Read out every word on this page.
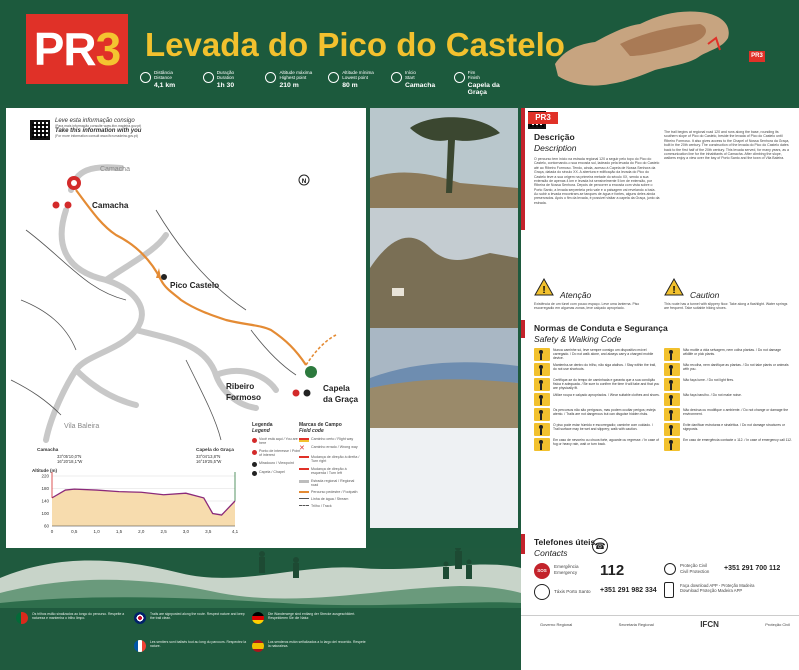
PR3 Levada do Pico do Castelo
Distância
Distance
4,1 km
Duração
Duration
1h 30
Altitude máxima
Highest point
210 m
Altitude mínima
Lowest point
80 m
Início
Start
Camacha
Fim
Finish
Capela da Graça
PR3
Leve esta informação consigo
(Para mais informação consulte www.ifcn.madeira.gov.pt)
Take this information with you
(For more information consult www.ifcn.madeira.gov.pt)
N
Camacha
Camacha
Pico Castelo
Ribeiro
Formoso
Capela
da Graça
Vila Baleira
Camacha
33°05'10,0"N
16°20'18,1"W
Capela do Graça
33°04'13,8"N
16°19'25,5"W
Altitude (m)
220
180
140
100
60
0	0,5	1,0	1,5	2,0	2,5	3,0	3,5	4,1
Legenda
Legend
Você está aqui / You are here
Ponto de interesse / Point of interest
Miradouro / Viewpoint
Capela / Chapel
Marcas de Campo
Field code
Caminho certo / Right way
✕	Caminho errado / Wrong way
Mudança de direção à direita / Turn right
Mudança de direção à esquerda / Turn left
Estrada regional / Regional road
Percurso pedestre / Footpath
Linha de água / Stream
Trilho / Track
PR3
Descrição
Description
O percurso tem início na estrada regional 120 a seguir pelo topo do Pico do Castelo, contornando-o sua encosta sul, ladeado pela levada do Pico do Castelo até ao Ribeiro Formoso. Tendo, ainda, acesso à Capela de Nossa Senhora da Graça, datada do século XX. A abertura e edificação da levada do Pico do Castelo teve a sua origem na primeira metade do século XX, sendo a sua extensão de apenas 4 km e levada há sensivelmente 5 km de extensão, por Ribeira de Nossa Senhora. Depois de percorrer a encosta com vista sobre o Porto Santo, a levada serpenteia pelo vale e a paisagem vai revelando a baía. Ao subir a levada encontram-se tanques de água e fontes, alguns deles ainda preservados. Após o fim da levada, é possível visitar a capela da Graça, junto da estrada.
The trail begins at regional road 120 and runs along the base, rounding its southern slope of Pico do Castelo, beside the levada of Pico do Castelo until Ribeiro Formoso. It also gives access to the Chapel of Nossa Senhora da Graça, built in the 20th century. The construction of the levada do Pico do Castelo dates back to the first half of the 20th century. This levada served, for many years, as a communication line for the inhabitants of Camacha. After climbing the slope, walkers enjoy a view over the bay of Porto Santo and the town of Vila Baleira.
! Atenção
Existência de um túnel com pouco espaço. Leve uma lanterna. Piso escorregadio em algumas zonas, leve calçado apropriado.
! Caution
This route has a tunnel with slippery floor. Take along a flashlight. Water springs are frequent. Take suitable hiking shoes.
Normas de Conduta e Segurança
Safety & Walking Code
Nunca caminhe só, leve sempre consigo um dispositivo móvel carregado. / Do not walk alone, and always carry a charged mobile device.
Mantenha-se dentro do trilho, não siga atalhos. / Stay within the trail, do not use shortcuts.
Certifique-se do tempo de caminhada e garanta que a sua condição física é adequada. / Be sure to confirm the time it will take and that you are physically fit.
Utilize roupa e calçado apropriados. / Wear suitable clothes and shoes.
Os percursos não são perigosos, mas podem ocultar perigos; esteja atento. / Trails are not dangerous but can disguise hidden risks.
O piso pode estar húmido e escorregadio; caminhe com cuidado. / Trail surface may be wet and slippery; walk with caution.
Em caso de nevoeiro ou chuva forte, aguarde ou regresse. / In case of fog or heavy rain, wait or turn back.
Não mutile a vida selvagem, nem colha plantas. / Do not damage wildlife or pick plants.
Não recolha, nem danifique as plantas. / Do not take plants or animals with you.
Não faça lume. / Do not light fires.
Não faça barulho. / Do not make noise.
Não destrua ou modifique o ambiente. / Do not change or damage the environment.
Evite danificar estruturas e sinalética. / Do not damage structures or signposts.
Em caso de emergência contacte o 112. / In case of emergency call 112.
Telefones úteis
Contacts
☎
SOS
Emergência
Emergency 112	Proteção Civil
Civil Protection +351 291 700 112
Táxis Porto Santo +351 291 982 334
Faça download APP - Proteção Madeira
Download Proteção Madeira APP
Governo Regional	Secretaria Regional	IFCN	Proteção Civil
Os trilhos estão sinalizados ao longo do percurso. Respeite a natureza e mantenha o trilho limpo.
Trails are signposted along the route. Respect nature and keep the trail clean.
Die Wanderwege sind entlang der Strecke ausgeschildert. Respektieren Sie die Natur.
Les sentiers sont balisés tout au long du parcours. Respectez la nature.
Los senderos están señalizados a lo largo del recorrido. Respete la naturaleza.
